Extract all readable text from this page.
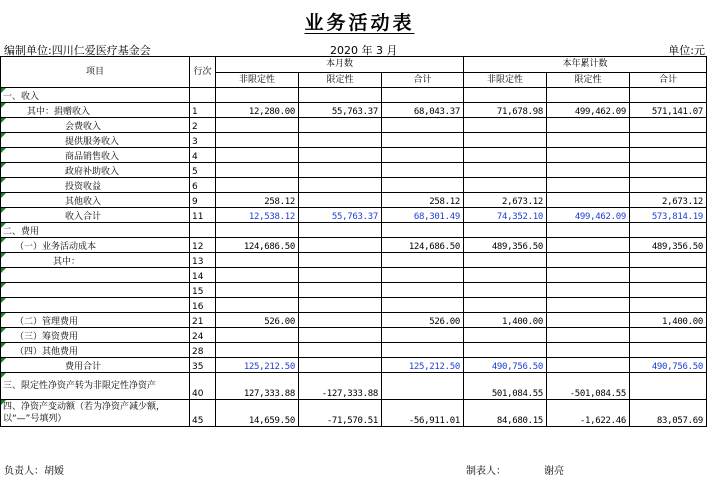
业务活动表
编制单位:四川仁爱医疗基金会	2020 年 3 月	单位:元
项目	行次	本月数			本年累计数		
		非限定性	限定性	合计	非限定性	限定性	合计
一、收入							
其中：捐赠收入	1	12,280.00	55,763.37	68,043.37	71,678.98	499,462.09	571,141.07
会费收入	2						
提供服务收入	3						
商品销售收入	4						
政府补助收入	5						
投资收益	6						
其他收入	9	258.12		258.12	2,673.12		2,673.12
收入合计	11	12,538.12	55,763.37	68,301.49	74,352.10	499,462.09	573,814.19
二、费用							
（一）业务活动成本	12	124,686.50		124,686.50	489,356.50		489,356.50
其中：	13						
	14						
	15						
	16						
（二）管理费用	21	526.00		526.00	1,400.00		1,400.00
（三）筹资费用	24						
（四）其他费用	28						
费用合计	35	125,212.50		125,212.50	490,756.50		490,756.50
三、限定性净资产转为非限定性净资产	40	127,333.88	-127,333.88		501,084.55	-501,084.55	
四、净资产变动额（若为净资产减少额，以“—”号填列）	45	14,659.50	-71,570.51	-56,911.01	84,680.15	-1,622.46	83,057.69
负责人：胡嫒	制表人：	谢亮
